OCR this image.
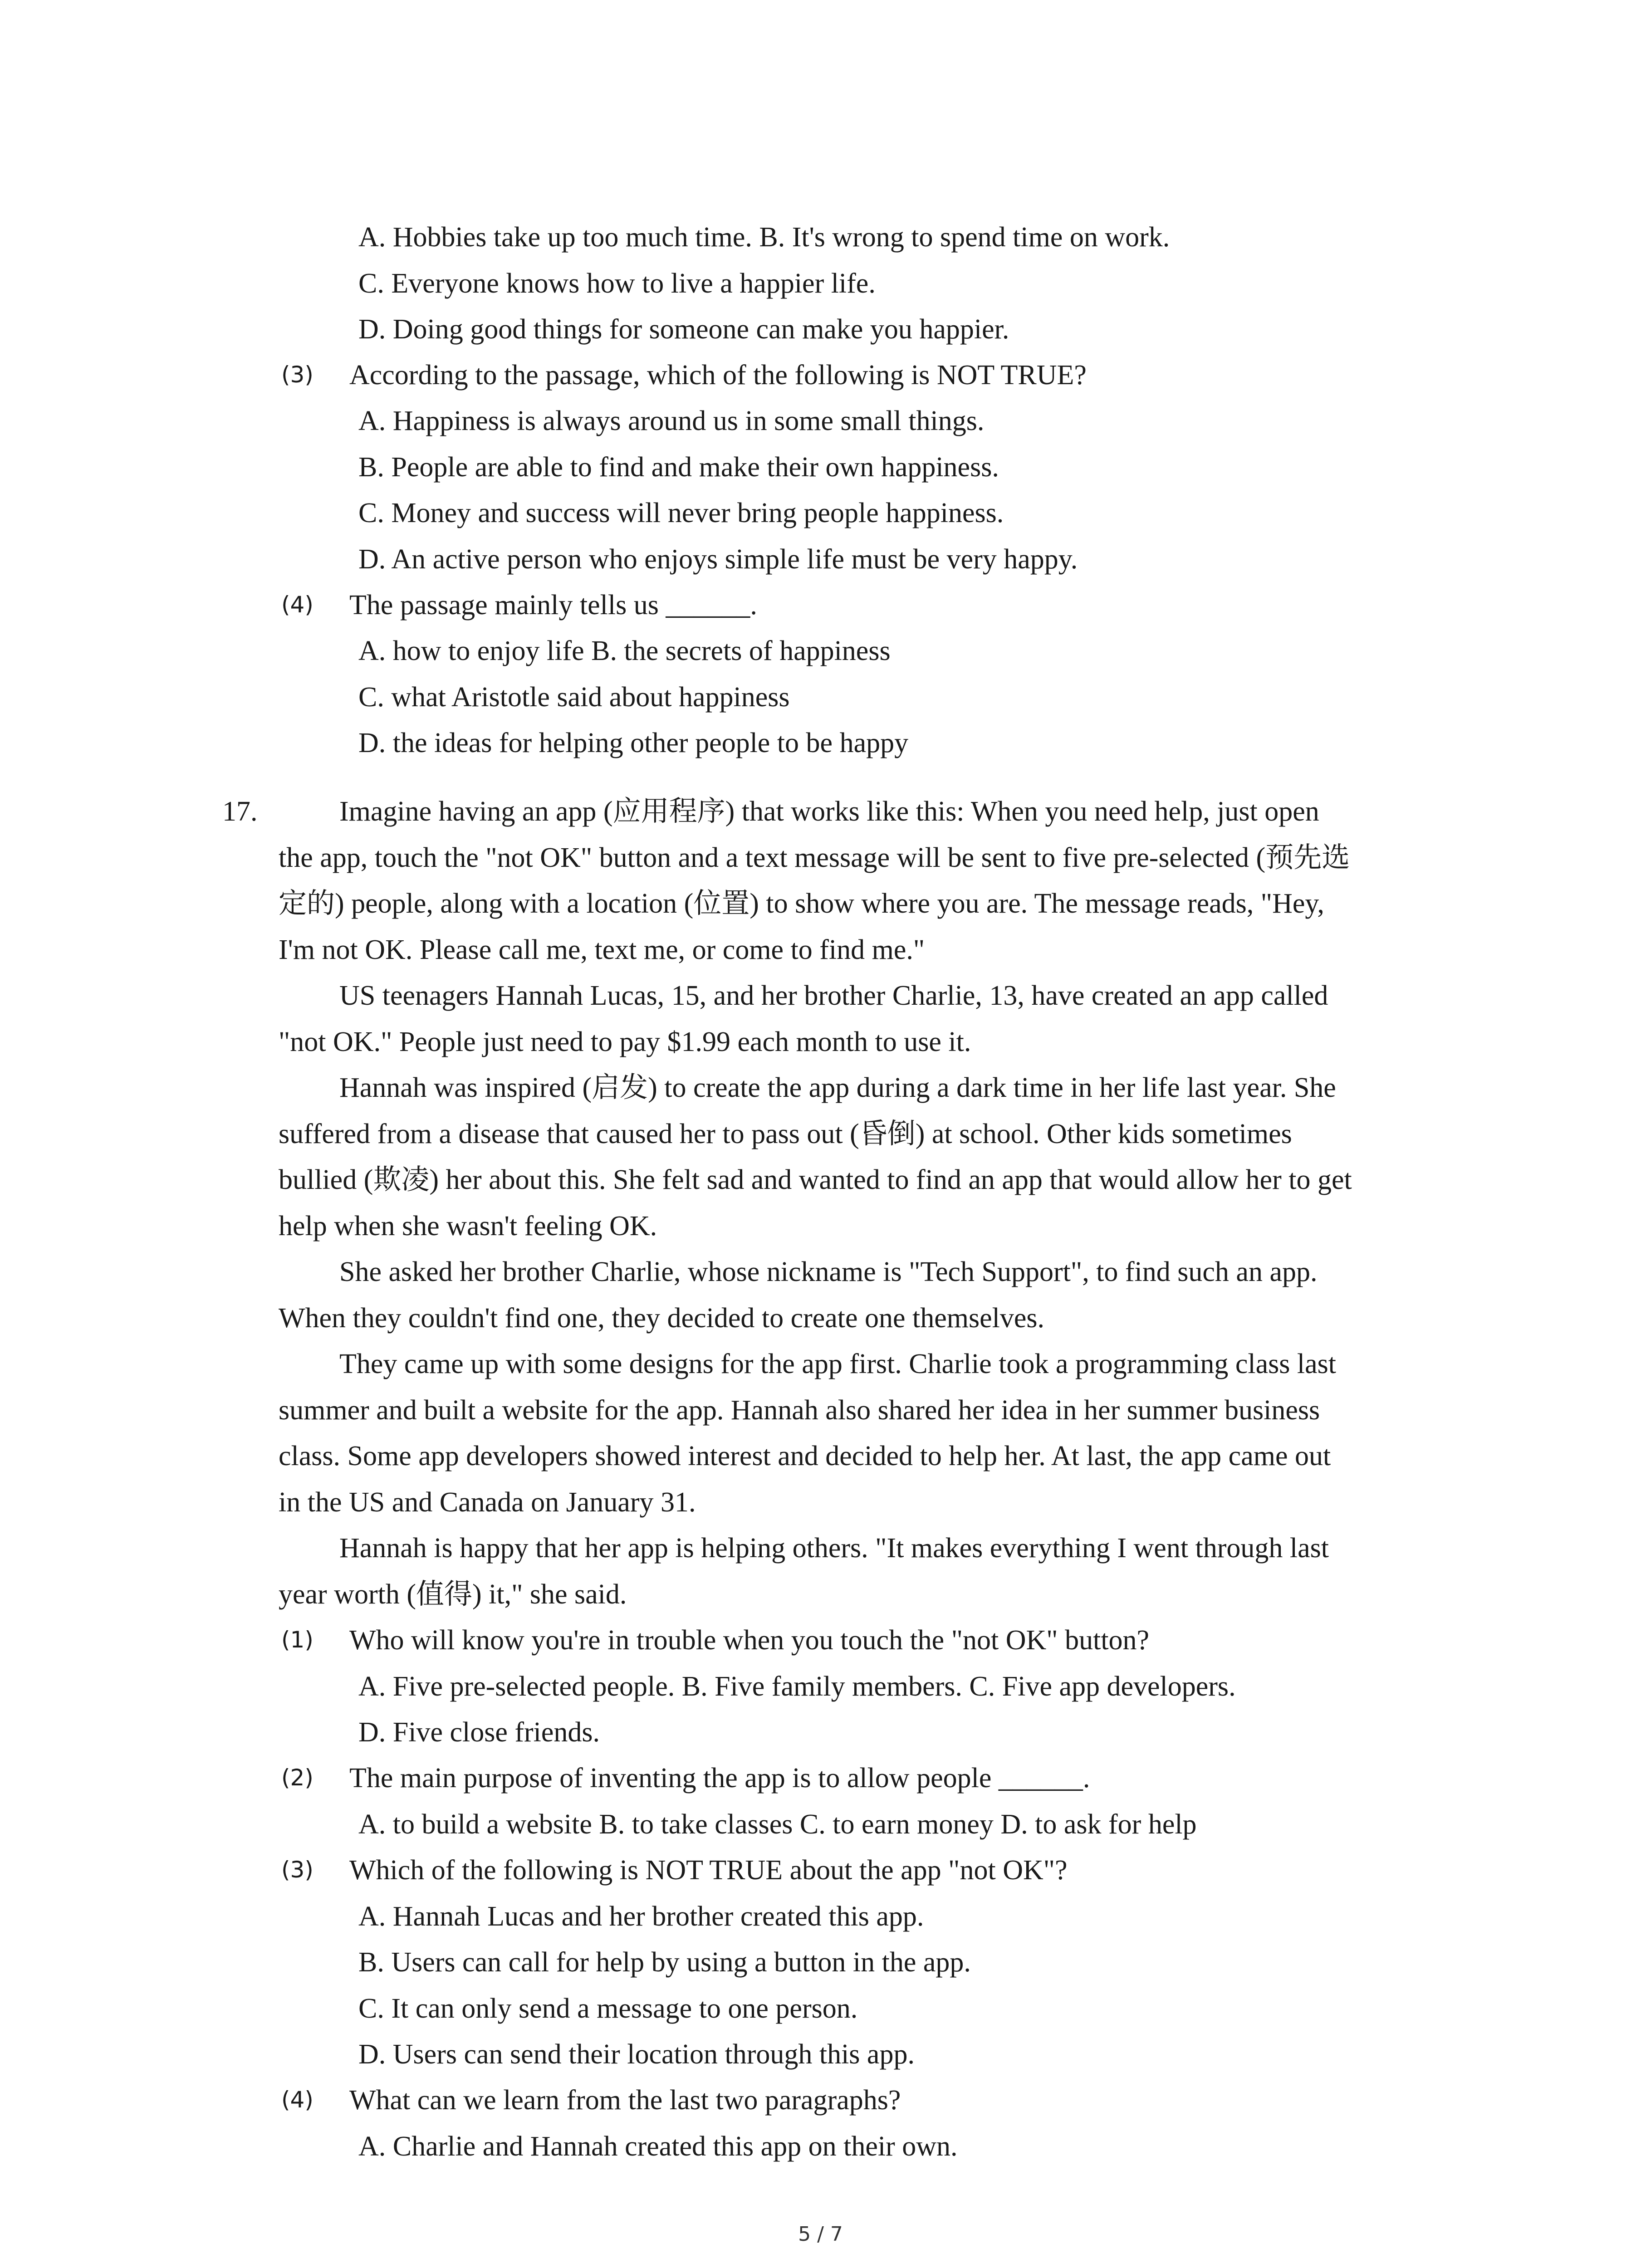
A. Hobbies take up too much time. B. It's wrong to spend time on work.
C. Everyone knows how to live a happier life.
D. Doing good things for someone can make you happier.
(3) According to the passage, which of the following is NOT TRUE?
A. Happiness is always around us in some small things.
B. People are able to find and make their own happiness.
C. Money and success will never bring people happiness.
D. An active person who enjoys simple life must be very happy.
(4) The passage mainly tells us ______.
A. how to enjoy life B. the secrets of happiness
C. what Aristotle said about happiness
D. the ideas for helping other people to be happy
17.	Imagine having an app (应用程序) that works like this: When you need help, just open
the app, touch the "not OK" button and a text message will be sent to five pre-selected (预先选
定的) people, along with a location (位置) to show where you are. The message reads, "Hey,
I'm not OK. Please call me, text me, or come to find me."
US teenagers Hannah Lucas, 15, and her brother Charlie, 13, have created an app called
"not OK." People just need to pay $1.99 each month to use it.
Hannah was inspired (启发) to create the app during a dark time in her life last year. She
suffered from a disease that caused her to pass out (昏倒) at school. Other kids sometimes
bullied (欺凌) her about this. She felt sad and wanted to find an app that would allow her to get
help when she wasn't feeling OK.
She asked her brother Charlie, whose nickname is "Tech Support", to find such an app.
When they couldn't find one, they decided to create one themselves.
They came up with some designs for the app first. Charlie took a programming class last
summer and built a website for the app. Hannah also shared her idea in her summer business
class. Some app developers showed interest and decided to help her. At last, the app came out
in the US and Canada on January 31.
Hannah is happy that her app is helping others. "It makes everything I went through last
year worth (值得) it," she said.
(1) Who will know you're in trouble when you touch the "not OK" button?
A. Five pre-selected people. B. Five family members. C. Five app developers.
D. Five close friends.
(2) The main purpose of inventing the app is to allow people ______.
A. to build a website B. to take classes C. to earn money D. to ask for help
(3) Which of the following is NOT TRUE about the app "not OK"?
A. Hannah Lucas and her brother created this app.
B. Users can call for help by using a button in the app.
C. It can only send a message to one person.
D. Users can send their location through this app.
(4) What can we learn from the last two paragraphs?
A. Charlie and Hannah created this app on their own.
5 / 7
